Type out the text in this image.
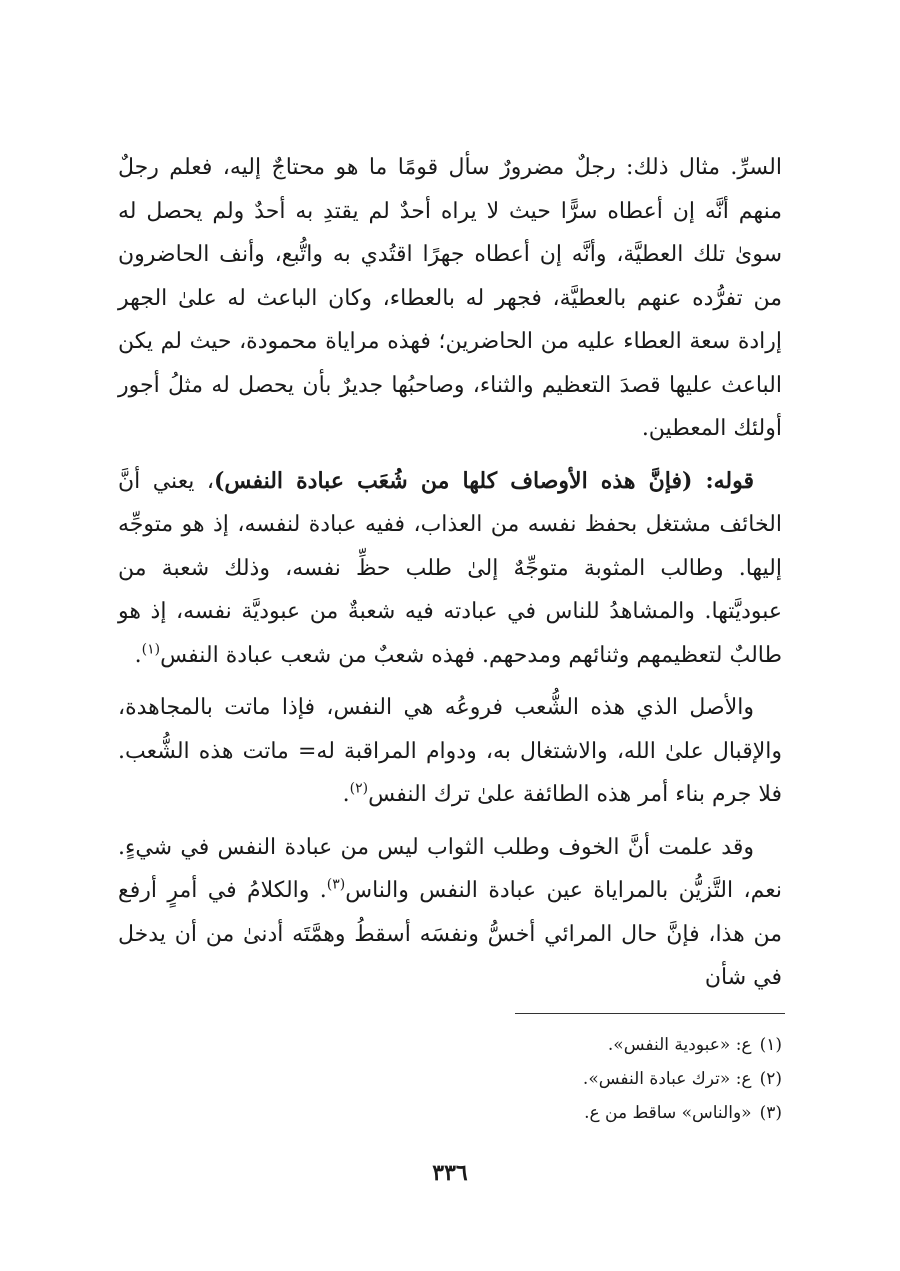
السرِّ. مثال ذلك: رجلٌ مضرورٌ سأل قومًا ما هو محتاجٌ إليه، فعلم رجلٌ منهم أنَّه إن أعطاه سرًّا حيث لا يراه أحدٌ لم يقتدِ به أحدٌ ولم يحصل له سوىٰ تلك العطيَّة، وأنَّه إن أعطاه جهرًا اقتُدي به واتُّبع، وأنف الحاضرون من تفرُّده عنهم بالعطيَّة، فجهر له بالعطاء، وكان الباعث له علىٰ الجهر إرادة سعة العطاء عليه من الحاضرين؛ فهذه مراياة محمودة، حيث لم يكن الباعث عليها قصدَ التعظيم والثناء، وصاحبُها جديرٌ بأن يحصل له مثلُ أجور أولئك المعطين.

قوله: (فإنَّ هذه الأوصاف كلها من شُعَب عبادة النفس)، يعني أنَّ الخائف مشتغل بحفظ نفسه من العذاب، ففيه عبادة لنفسه، إذ هو متوجِّه إليها. وطالب المثوبة متوجِّهٌ إلىٰ طلب حظِّ نفسه، وذلك شعبة من عبوديَّتها. والمشاهدُ للناس في عبادته فيه شعبةٌ من عبوديَّة نفسه، إذ هو طالبٌ لتعظيمهم وثنائهم ومدحهم. فهذه شعبٌ من شعب عبادة النفس$^{(١)}$.

والأصل الذي هذه الشُّعب فروعُه هي النفس، فإذا ماتت بالمجاهدة، والإقبال علىٰ الله، والاشتغال به، ودوام المراقبة له= ماتت هذه الشُّعب. فلا جرم بناء أمر هذه الطائفة علىٰ ترك النفس$^{(٢)}$.

وقد علمت أنَّ الخوف وطلب الثواب ليس من عبادة النفس في شيءٍ. نعم، التَّزيُّن بالمراياة عين عبادة النفس والناس$^{(٣)}$. والكلامُ في أمرٍ أرفع من هذا، فإنَّ حال المرائي أخسُّ ونفسَه أسقطُ وهمَّتَه أدنىٰ من أن يدخل في شأن

(١)ع: «عبودية النفس».

(٢)ع: «ترك عبادة النفس».

(٣)«والناس» ساقط من ع.

٣٣٦
